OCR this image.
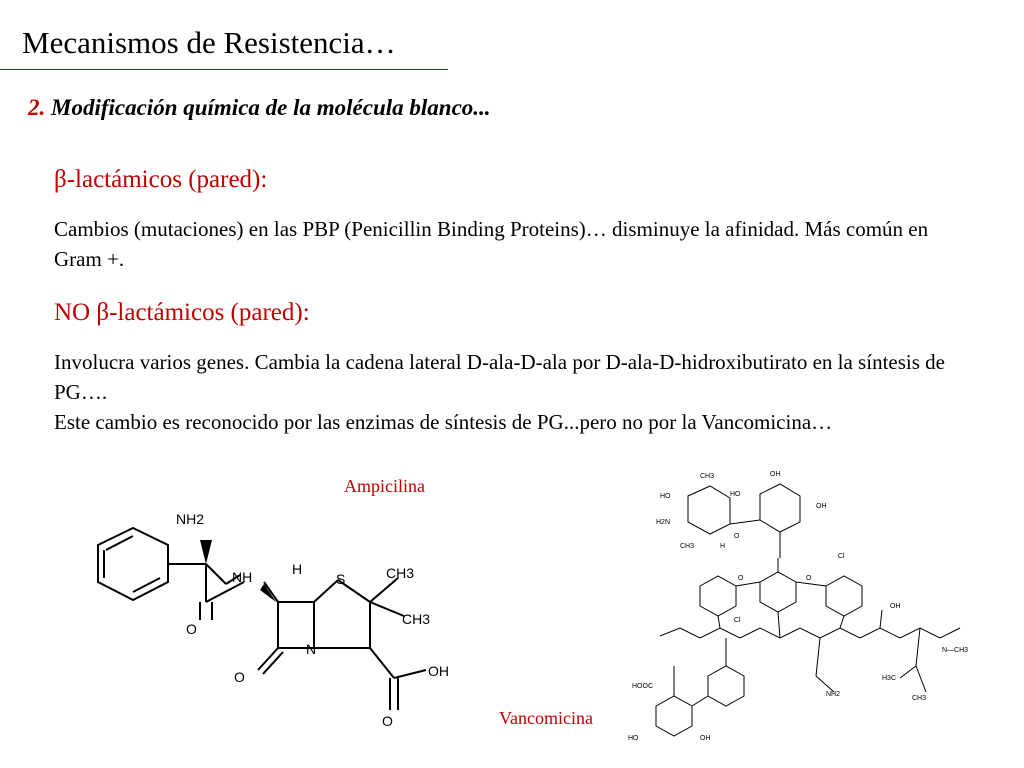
Mecanismos de Resistencia…
2. Modificación química de la molécula blanco...
β-lactámicos (pared):
Cambios (mutaciones) en las PBP (Penicillin Binding Proteins)… disminuye la afinidad. Más común en Gram +.
NO β-lactámicos (pared):
Involucra varios genes. Cambia la cadena lateral D-ala-D-ala por D-ala-D-hidroxibutirato en la síntesis de PG….
Este cambio es reconocido por las enzimas de síntesis de PG...pero no por la Vancomicina…
Ampicilina
Vancomicina
NH2
NH	H
S	CH3
CH3
N
O
O	OH
O
CH3	OH
HO	HO
OH
H2N
CH3	H
O
Cl
Cl
OH
O	O
HOOC
NH2
N—CH3
HO	OH
H3C
CH3
